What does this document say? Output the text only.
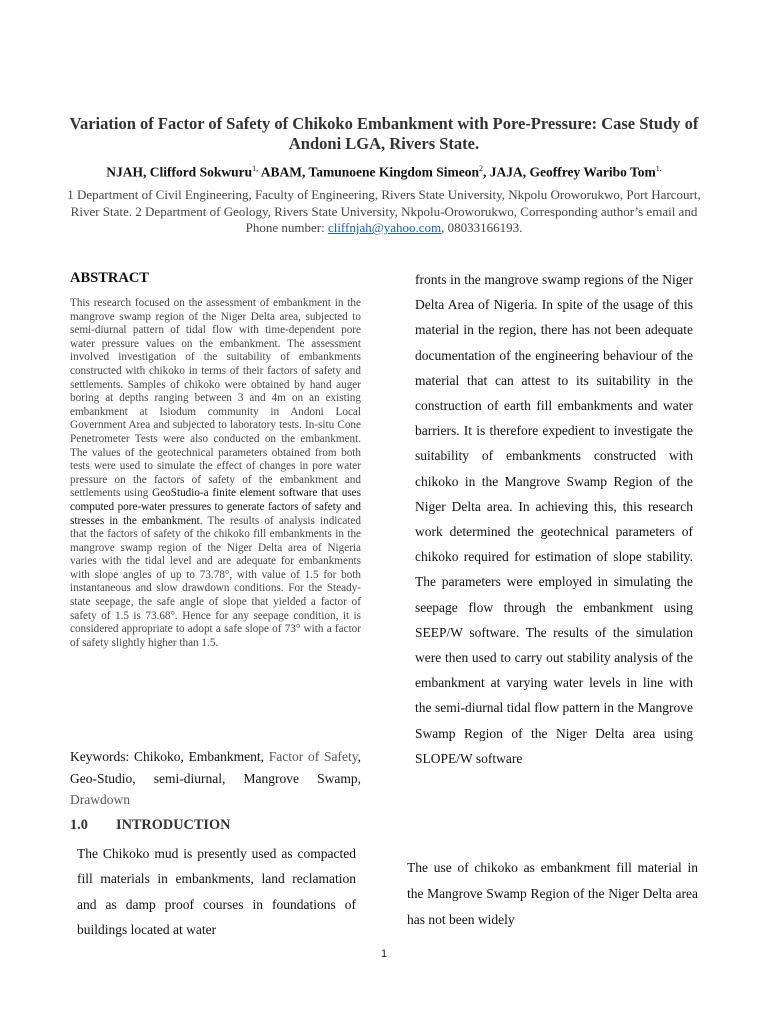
Variation of Factor of Safety of Chikoko Embankment with Pore-Pressure: Case Study of Andoni LGA, Rivers State.
NJAH, Clifford Sokwuru$^{1,}$ ABAM, Tamunoene Kingdom Simeon$^2$, JAJA, Geoffrey Waribo Tom$^{1.}$
1 Department of Civil Engineering, Faculty of Engineering, Rivers State University, Nkpolu Oroworukwo, Port Harcourt, River State. 2 Department of Geology, Rivers State University, Nkpolu-Oroworukwo, Corresponding author’s email and Phone number: cliffnjah@yahoo.com, 08033166193.
ABSTRACT
This research focused on the assessment of embankment in the mangrove swamp region of the Niger Delta area, subjected to semi-diurnal pattern of tidal flow with time-dependent pore water pressure values on the embankment. The assessment involved investigation of the suitability of embankments constructed with chikoko in terms of their factors of safety and settlements. Samples of chikoko were obtained by hand auger boring at depths ranging between 3 and 4m on an existing embankment at Isiodum community in Andoni Local Government Area and subjected to laboratory tests. In-situ Cone Penetrometer Tests were also conducted on the embankment. The values of the geotechnical parameters obtained from both tests were used to simulate the effect of changes in pore water pressure on the factors of safety of the embankment and settlements using GeoStudio-a finite element software that uses computed pore-water pressures to generate factors of safety and stresses in the embankment. The results of analysis indicated that the factors of safety of the chikoko fill embankments in the mangrove swamp region of the Niger Delta area of Nigeria varies with the tidal level and are adequate for embankments with slope angles of up to 73.78°, with value of 1.5 for both instantaneous and slow drawdown conditions. For the Steady-state seepage, the safe angle of slope that yielded a factor of safety of 1.5 is 73.68°. Hence for any seepage condition, it is considered appropriate to adopt a safe slope of 73° with a factor of safety slightly higher than 1.5.
Keywords: Chikoko, Embankment, Factor of Safety, Geo-Studio, semi-diurnal, Mangrove Swamp, Drawdown
1.0 INTRODUCTION
The Chikoko mud is presently used as compacted fill materials in embankments, land reclamation and as damp proof courses in foundations of buildings located at water
fronts in the mangrove swamp regions of the Niger Delta Area of Nigeria. In spite of the usage of this material in the region, there has not been adequate documentation of the engineering behaviour of the material that can attest to its suitability in the construction of earth fill embankments and water barriers. It is therefore expedient to investigate the suitability of embankments constructed with chikoko in the Mangrove Swamp Region of the Niger Delta area. In achieving this, this research work determined the geotechnical parameters of chikoko required for estimation of slope stability. The parameters were employed in simulating the seepage flow through the embankment using SEEP/W software. The results of the simulation were then used to carry out stability analysis of the embankment at varying water levels in line with the semi-diurnal tidal flow pattern in the Mangrove Swamp Region of the Niger Delta area using SLOPE/W software
The use of chikoko as embankment fill material in the Mangrove Swamp Region of the Niger Delta area has not been widely
1
